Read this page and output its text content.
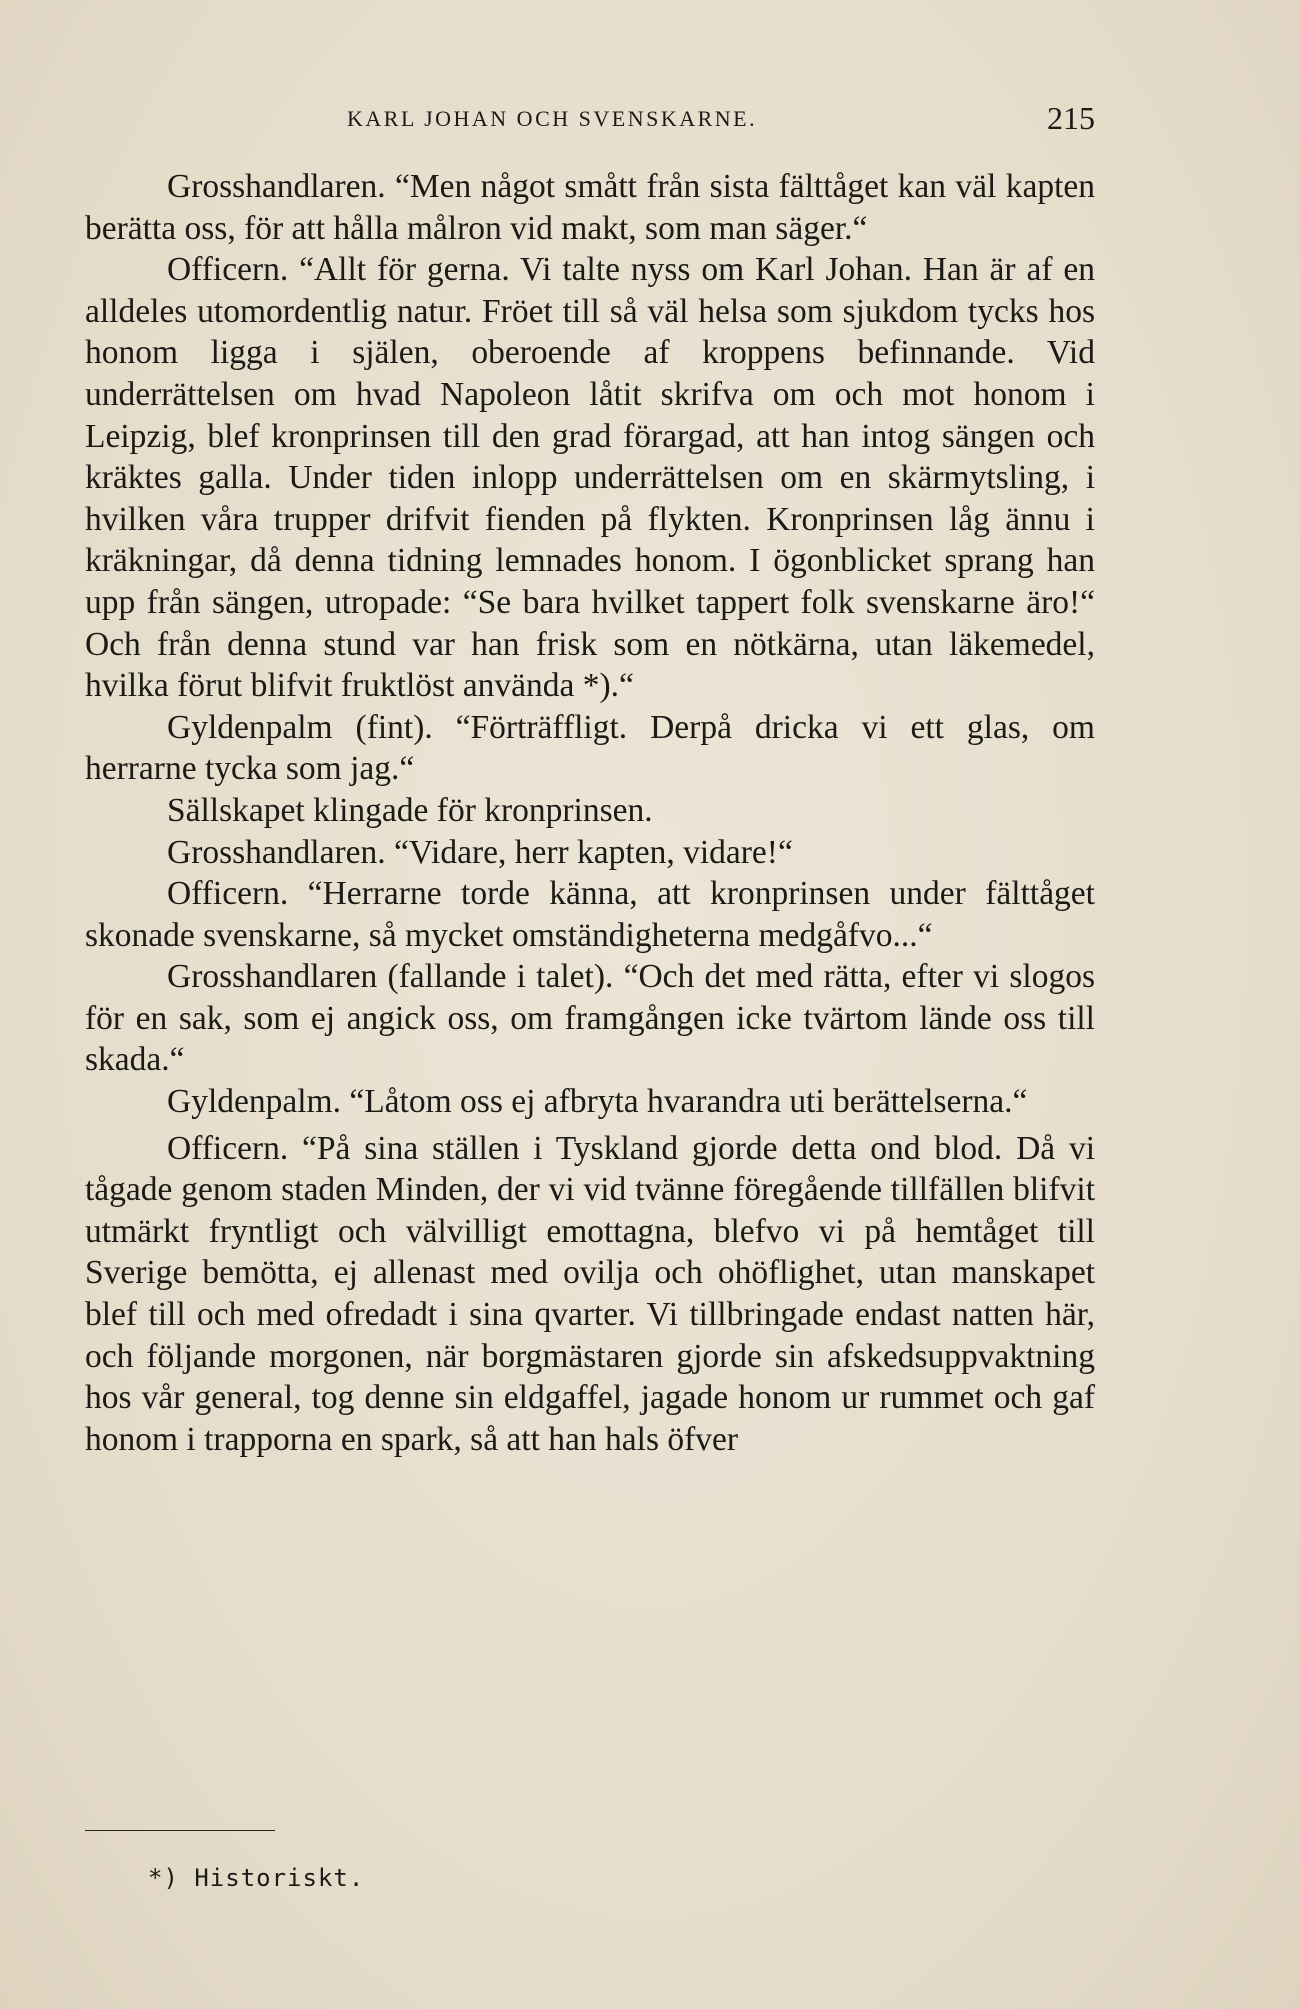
KARL JOHAN OCH SVENSKARNE.	215

Grosshandlaren. “Men något smått från sista fälttåget kan väl kapten berätta oss, för att hålla målron vid makt, som man säger.“

Officern. “Allt för gerna. Vi talte nyss om Karl Johan. Han är af en alldeles utomordentlig natur. Fröet till så väl helsa som sjukdom tycks hos honom ligga i själen, oberoende af kroppens befinnande. Vid underrättelsen om hvad Napoleon låtit skrifva om och mot honom i Leipzig, blef kronprinsen till den grad förargad, att han intog sängen och kräktes galla. Under tiden inlopp underrättelsen om en skärmytsling, i hvilken våra trupper drifvit fienden på flykten. Kronprinsen låg ännu i kräkningar, då denna tidning lemnades honom. I ögonblicket sprang han upp från sängen, utropade: “Se bara hvilket tappert folk svenskarne äro!“ Och från denna stund var han frisk som en nötkärna, utan läkemedel, hvilka förut blifvit fruktlöst använda *).“

Gyldenpalm (fint). “Förträffligt. Derpå dricka vi ett glas, om herrarne tycka som jag.“

Sällskapet klingade för kronprinsen.

Grosshandlaren. “Vidare, herr kapten, vidare!“

Officern. “Herrarne torde känna, att kronprinsen under fälttåget skonade svenskarne, så mycket omständigheterna medgåfvo...“

Grosshandlaren (fallande i talet). “Och det med rätta, efter vi slogos för en sak, som ej angick oss, om framgången icke tvärtom lände oss till skada.“

Gyldenpalm. “Låtom oss ej afbryta hvarandra uti berättelserna.“

Officern. “På sina ställen i Tyskland gjorde detta ond blod. Då vi tågade genom staden Minden, der vi vid tvänne föregående tillfällen blifvit utmärkt fryntligt och välvilligt emottagna, blefvo vi på hemtåget till Sverige bemötta, ej allenast med ovilja och ohöflighet, utan manskapet blef till och med ofredadt i sina qvarter. Vi tillbringade endast natten här, och följande morgonen, när borgmästaren gjorde sin afskedsuppvaktning hos vår general, tog denne sin eldgaffel, jagade honom ur rummet och gaf honom i trapporna en spark, så att han hals öfver

*) Historiskt.
